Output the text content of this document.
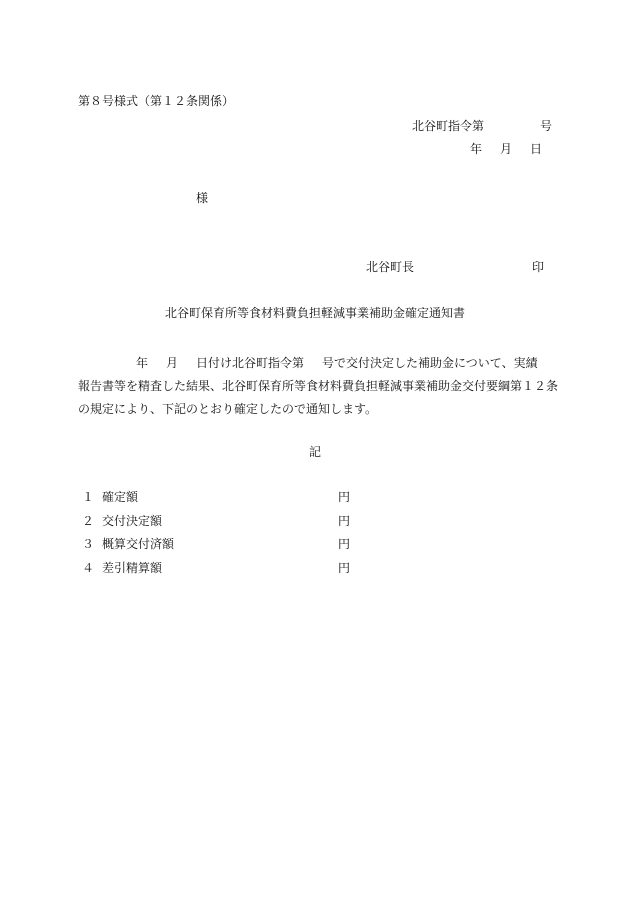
第８号様式（第１２条関係）
北谷町指令第	号
年 月 日
様
北谷町長	印
北谷町保育所等食材料費負担軽減事業補助金確定通知書
年 月 日付け北谷町指令第 号で交付決定した補助金について、実績
報告書等を精査した結果、北谷町保育所等食材料費負担軽減事業補助金交付要綱第１２条
の規定により、下記のとおり確定したので通知します。
記
１ 確定額	円
２ 交付決定額	円
３ 概算交付済額	円
４ 差引精算額	円
